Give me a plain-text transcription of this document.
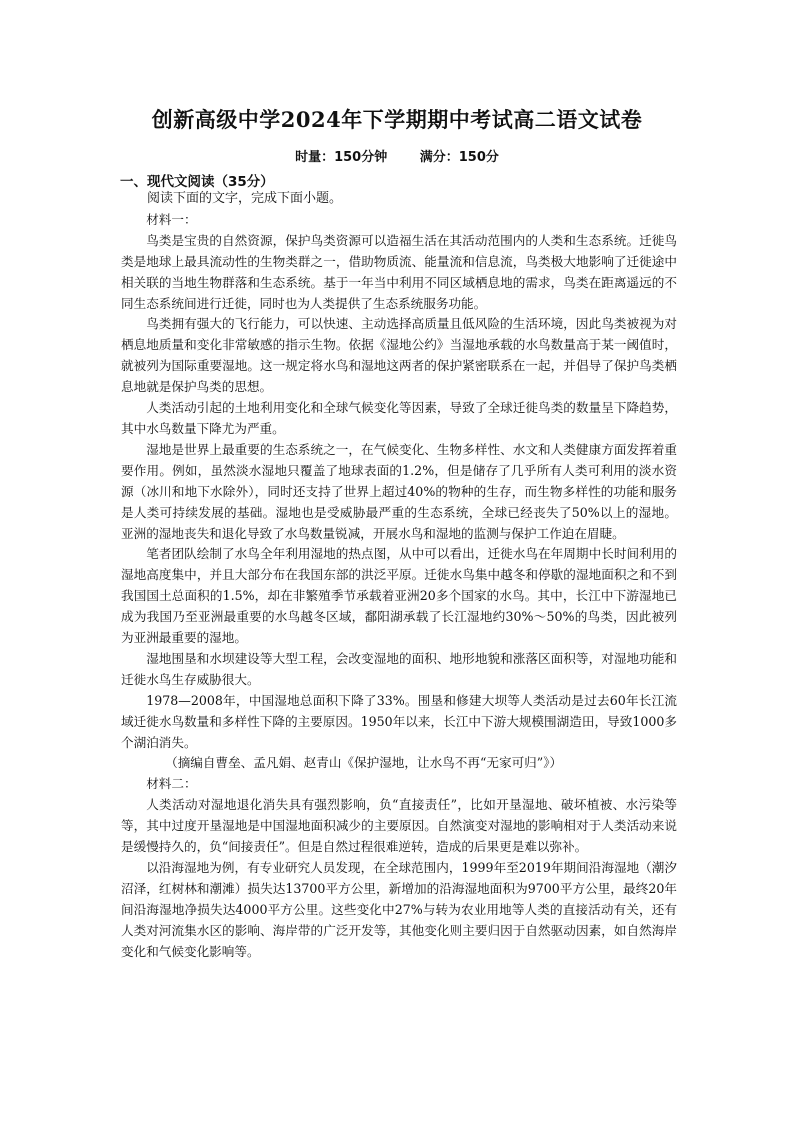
创新高级中学2024年下学期期中考试高二语文试卷
时量：150分钟	满分：150分
一、现代文阅读（35分）

阅读下面的文字，完成下面小题。

材料一：

鸟类是宝贵的自然资源，保护鸟类资源可以造福生活在其活动范围内的人类和生态系统。迁徙鸟类是地球上最具流动性的生物类群之一，借助物质流、能量流和信息流，鸟类极大地影响了迁徙途中相关联的当地生物群落和生态系统。基于一年当中利用不同区域栖息地的需求，鸟类在距离遥远的不同生态系统间进行迁徙，同时也为人类提供了生态系统服务功能。

鸟类拥有强大的飞行能力，可以快速、主动选择高质量且低风险的生活环境，因此鸟类被视为对栖息地质量和变化非常敏感的指示生物。依据《湿地公约》当湿地承载的水鸟数量高于某一阈值时，就被列为国际重要湿地。这一规定将水鸟和湿地这两者的保护紧密联系在一起，并倡导了保护鸟类栖息地就是保护鸟类的思想。

人类活动引起的土地利用变化和全球气候变化等因素，导致了全球迁徙鸟类的数量呈下降趋势，其中水鸟数量下降尤为严重。

湿地是世界上最重要的生态系统之一，在气候变化、生物多样性、水文和人类健康方面发挥着重要作用。例如，虽然淡水湿地只覆盖了地球表面的1.2%，但是储存了几乎所有人类可利用的淡水资源（冰川和地下水除外），同时还支持了世界上超过40%的物种的生存，而生物多样性的功能和服务是人类可持续发展的基础。湿地也是受威胁最严重的生态系统，全球已经丧失了50%以上的湿地。亚洲的湿地丧失和退化导致了水鸟数量锐减，开展水鸟和湿地的监测与保护工作迫在眉睫。

笔者团队绘制了水鸟全年利用湿地的热点图，从中可以看出，迁徙水鸟在年周期中长时间利用的湿地高度集中，并且大部分布在我国东部的洪泛平原。迁徙水鸟集中越冬和停歇的湿地面积之和不到我国国土总面积的1.5%，却在非繁殖季节承载着亚洲20多个国家的水鸟。其中，长江中下游湿地已成为我国乃至亚洲最重要的水鸟越冬区域，鄱阳湖承载了长江湿地约30%～50%的鸟类，因此被列为亚洲最重要的湿地。

湿地围垦和水坝建设等大型工程，会改变湿地的面积、地形地貌和涨落区面积等，对湿地功能和迁徙水鸟生存威胁很大。

1978—2008年，中国湿地总面积下降了33%。围垦和修建大坝等人类活动是过去60年长江流域迁徙水鸟数量和多样性下降的主要原因。1950年以来，长江中下游大规模围湖造田，导致1000多个湖泊消失。

（摘编自曹垒、孟凡娟、赵青山《保护湿地，让水鸟不再“无家可归”》）

材料二：

人类活动对湿地退化消失具有强烈影响，负“直接责任”，比如开垦湿地、破坏植被、水污染等等，其中过度开垦湿地是中国湿地面积减少的主要原因。自然演变对湿地的影响相对于人类活动来说是缓慢持久的，负“间接责任”。但是自然过程很难逆转，造成的后果更是难以弥补。

以沿海湿地为例，有专业研究人员发现，在全球范围内，1999年至2019年期间沿海湿地（潮汐沼泽，红树林和潮滩）损失达13700平方公里，新增加的沿海湿地面积为9700平方公里，最终20年间沿海湿地净损失达4000平方公里。这些变化中27%与转为农业用地等人类的直接活动有关，还有人类对河流集水区的影响、海岸带的广泛开发等，其他变化则主要归因于自然驱动因素，如自然海岸变化和气候变化影响等。
